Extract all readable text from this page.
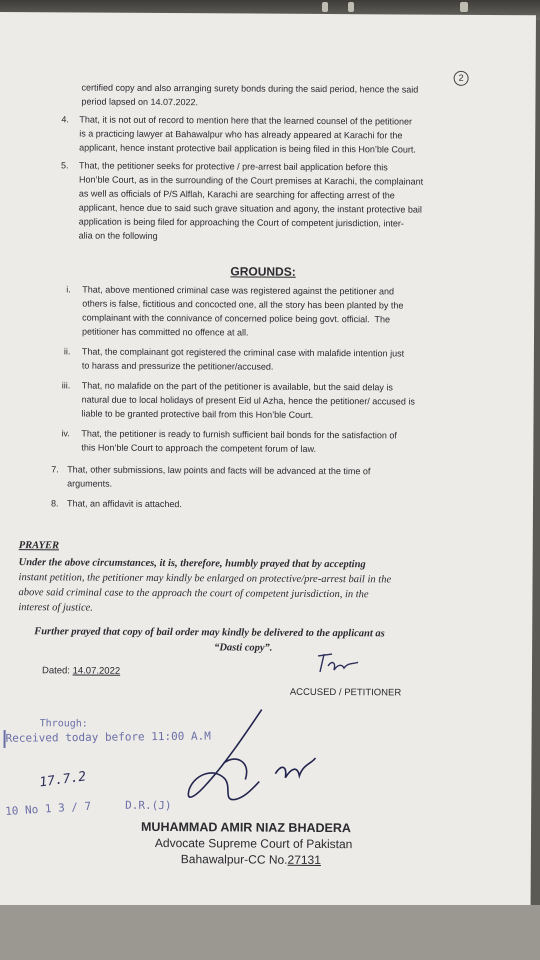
2
certified copy and also arranging surety bonds during the said period, hence the said
period lapsed on 14.07.2022.
4. That, it is not out of record to mention here that the learned counsel of the petitioner
is a practicing lawyer at Bahawalpur who has already appeared at Karachi for the
applicant, hence instant protective bail application is being filed in this Hon’ble Court.
5. That, the petitioner seeks for protective / pre-arrest bail application before this
Hon’ble Court, as in the surrounding of the Court premises at Karachi, the complainant
as well as officials of P/S Alflah, Karachi are searching for affecting arrest of the
applicant, hence due to said such grave situation and agony, the instant protective bail
application is being filed for approaching the Court of competent jurisdiction, inter-
alia on the following
GROUNDS:
i. That, above mentioned criminal case was registered against the petitioner and
others is false, fictitious and concocted one, all the story has been planted by the
complainant with the connivance of concerned police being govt. official.  The
petitioner has committed no offence at all.
ii. That, the complainant got registered the criminal case with malafide intention just
to harass and pressurize the petitioner/accused.
iii. That, no malafide on the part of the petitioner is available, but the said delay is
natural due to local holidays of present Eid ul Azha, hence the petitioner/ accused is
liable to be granted protective bail from this Hon’ble Court.
iv. That, the petitioner is ready to furnish sufficient bail bonds for the satisfaction of
this Hon’ble Court to approach the competent forum of law.
7. That, other submissions, law points and facts will be advanced at the time of
arguments.
8. That, an affidavit is attached.
PRAYER
Under the above circumstances, it is, therefore, humbly prayed that by accepting
instant petition, the petitioner may kindly be enlarged on protective/pre-arrest bail in the
above said criminal case to the approach the court of competent jurisdiction, in the
interest of justice.
Further prayed that copy of bail order may kindly be delivered to the applicant as
“Dasti copy”.
Dated: 14.07.2022
ACCUSED / PETITIONER
Through:
Received today before 11:00 A.M
17.7.2
10 No 1 3 / 7	D.R.(J)
MUHAMMAD AMIR NIAZ BHADERA
Advocate Supreme Court of Pakistan
Bahawalpur-CC No.27131
